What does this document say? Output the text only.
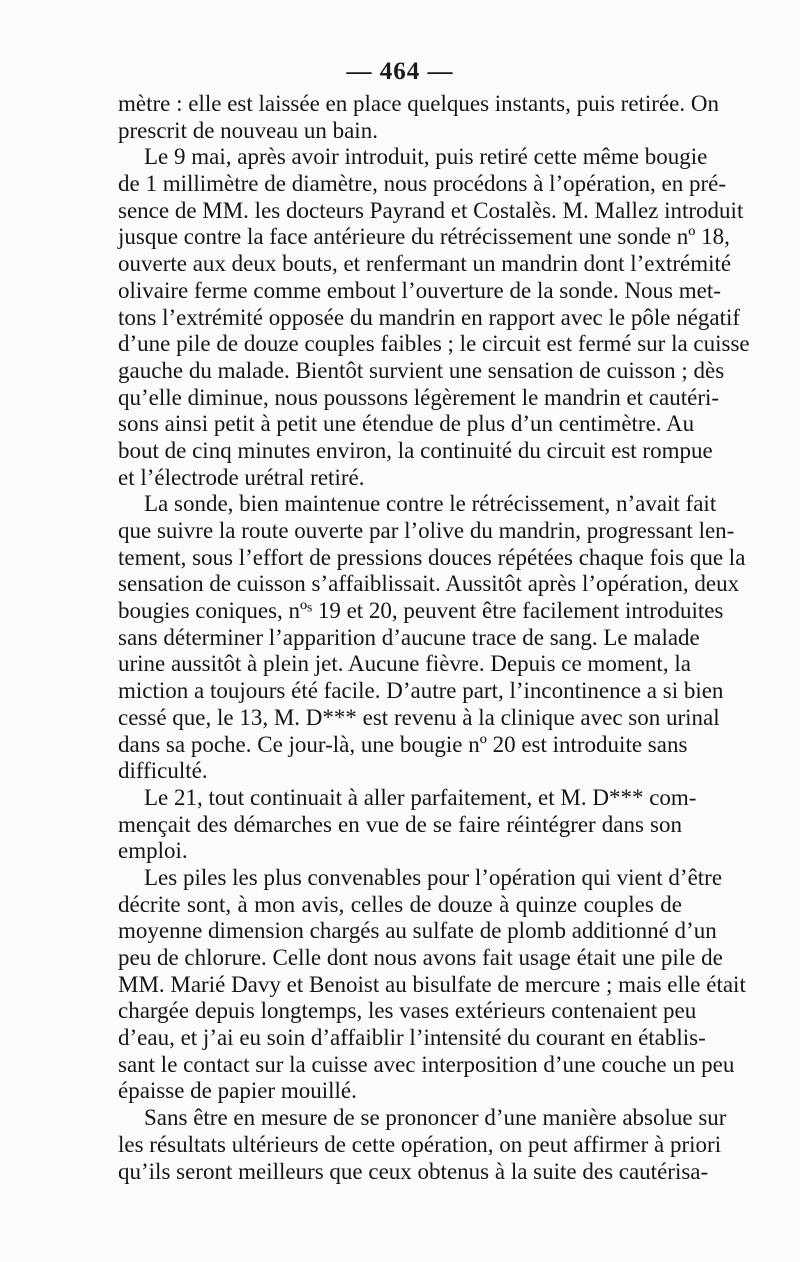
— 464 —
mètre : elle est laissée en place quelques instants, puis retirée. On
prescrit de nouveau un bain.
Le 9 mai, après avoir introduit, puis retiré cette même bougie
de 1 millimètre de diamètre, nous procédons à l’opération, en pré-
sence de MM. les docteurs Payrand et Costalès. M. Mallez introduit
jusque contre la face antérieure du rétrécissement une sonde nº 18,
ouverte aux deux bouts, et renfermant un mandrin dont l’extrémité
olivaire ferme comme embout l’ouverture de la sonde. Nous met-
tons l’extrémité opposée du mandrin en rapport avec le pôle négatif
d’une pile de douze couples faibles ; le circuit est fermé sur la cuisse
gauche du malade. Bientôt survient une sensation de cuisson ; dès
qu’elle diminue, nous poussons légèrement le mandrin et cautéri-
sons ainsi petit à petit une étendue de plus d’un centimètre. Au
bout de cinq minutes environ, la continuité du circuit est rompue
et l’électrode urétral retiré.
La sonde, bien maintenue contre le rétrécissement, n’avait fait
que suivre la route ouverte par l’olive du mandrin, progressant len-
tement, sous l’effort de pressions douces répétées chaque fois que la
sensation de cuisson s’affaiblissait. Aussitôt après l’opération, deux
bougies coniques, nºˢ 19 et 20, peuvent être facilement introduites
sans déterminer l’apparition d’aucune trace de sang. Le malade
urine aussitôt à plein jet. Aucune fièvre. Depuis ce moment, la
miction a toujours été facile. D’autre part, l’incontinence a si bien
cessé que, le 13, M. D*** est revenu à la clinique avec son urinal
dans sa poche. Ce jour-là, une bougie nº 20 est introduite sans
difficulté.
Le 21, tout continuait à aller parfaitement, et M. D*** com-
mençait des démarches en vue de se faire réintégrer dans son
emploi.
Les piles les plus convenables pour l’opération qui vient d’être
décrite sont, à mon avis, celles de douze à quinze couples de
moyenne dimension chargés au sulfate de plomb additionné d’un
peu de chlorure. Celle dont nous avons fait usage était une pile de
MM. Marié Davy et Benoist au bisulfate de mercure ; mais elle était
chargée depuis longtemps, les vases extérieurs contenaient peu
d’eau, et j’ai eu soin d’affaiblir l’intensité du courant en établis-
sant le contact sur la cuisse avec interposition d’une couche un peu
épaisse de papier mouillé.
Sans être en mesure de se prononcer d’une manière absolue sur
les résultats ultérieurs de cette opération, on peut affirmer à priori
qu’ils seront meilleurs que ceux obtenus à la suite des cautérisa-
